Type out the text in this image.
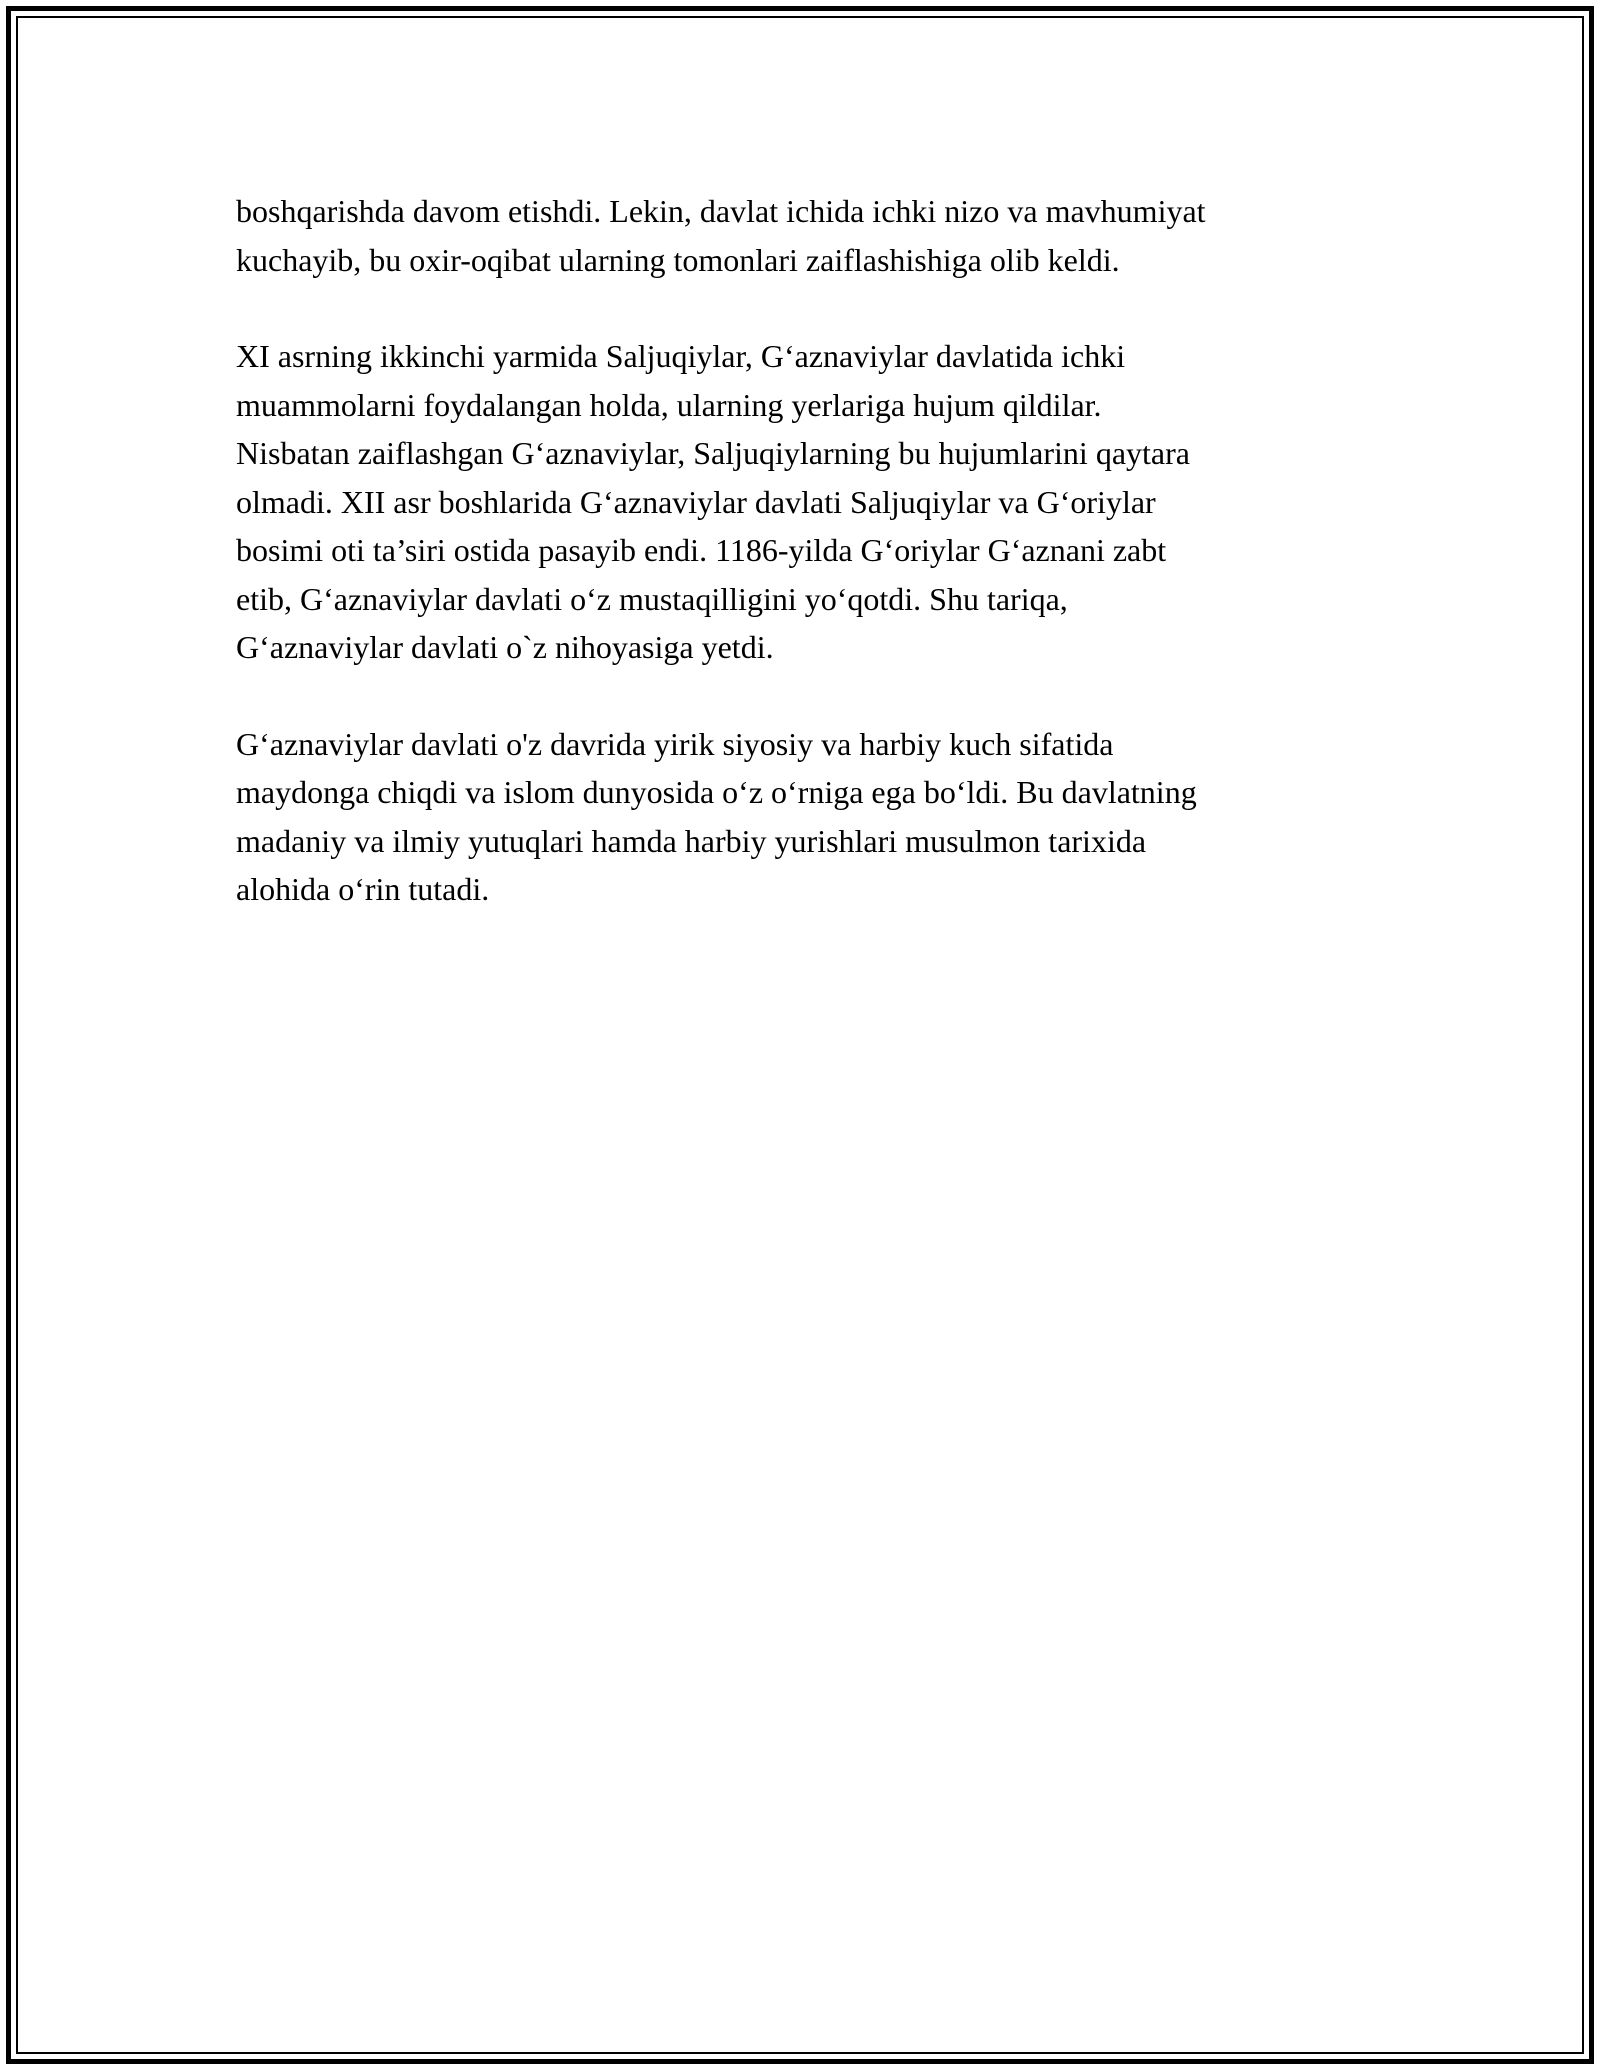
boshqarishda davom etishdi. Lekin, davlat ichida ichki nizo va mavhumiyat
kuchayib, bu oxir-oqibat ularning tomonlari zaiflashishiga olib keldi.

XI asrning ikkinchi yarmida Saljuqiylar, G‘aznaviylar davlatida ichki
muammolarni foydalangan holda, ularning yerlariga hujum qildilar.
Nisbatan zaiflashgan G‘aznaviylar, Saljuqiylarning bu hujumlarini qaytara
olmadi. XII asr boshlarida G‘aznaviylar davlati Saljuqiylar va G‘oriylar
bosimi oti ta’siri ostida pasayib endi. 1186-yilda G‘oriylar G‘aznani zabt
etib, G‘aznaviylar davlati o‘z mustaqilligini yo‘qotdi. Shu tariqa,
G‘aznaviylar davlati o`z nihoyasiga yetdi.

G‘aznaviylar davlati o'z davrida yirik siyosiy va harbiy kuch sifatida
maydonga chiqdi va islom dunyosida o‘z o‘rniga ega bo‘ldi. Bu davlatning
madaniy va ilmiy yutuqlari hamda harbiy yurishlari musulmon tarixida
alohida o‘rin tutadi.
